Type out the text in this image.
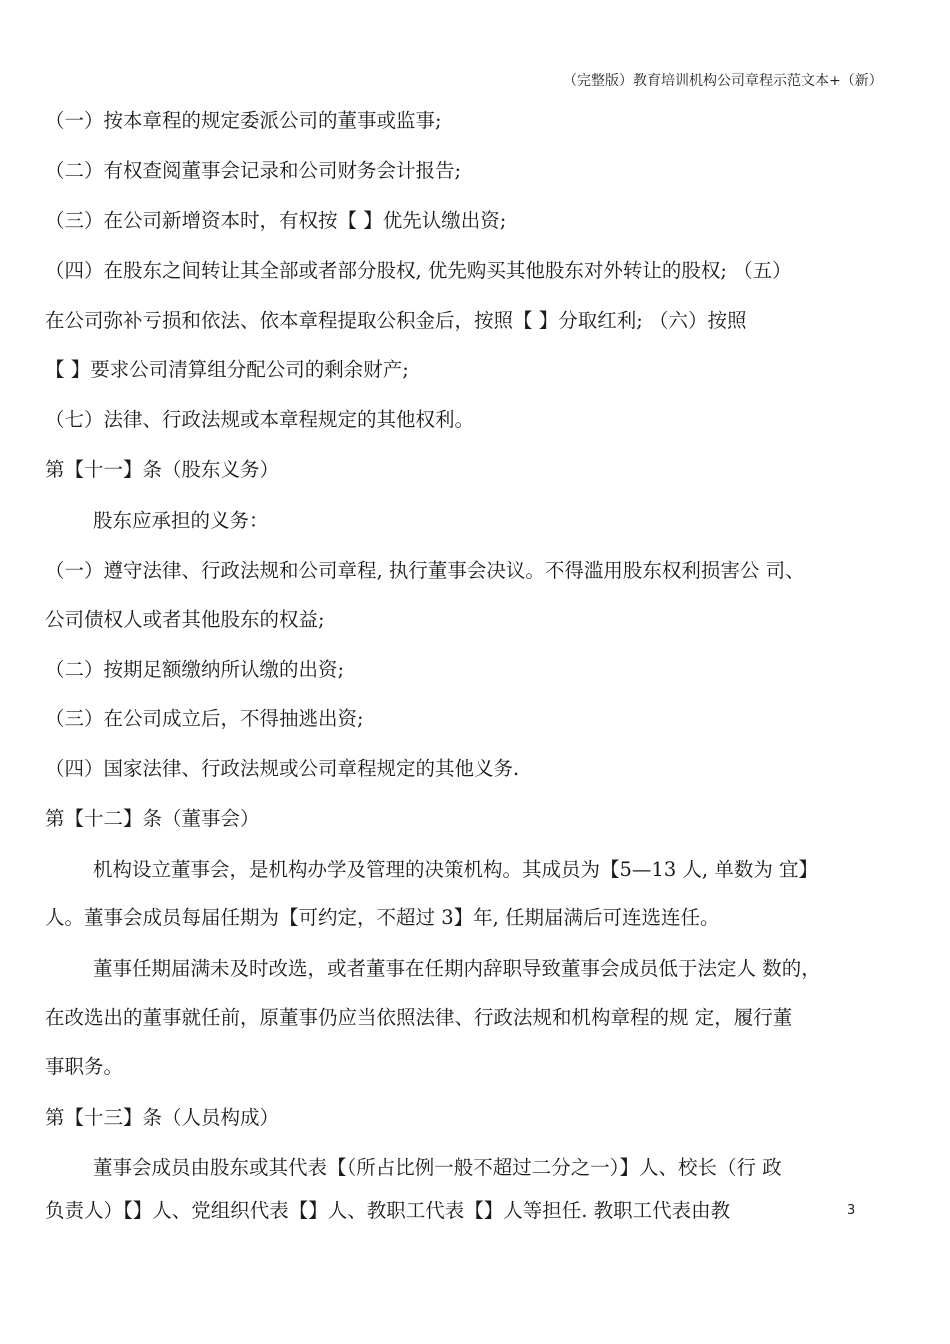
（完整版）教育培训机构公司章程示范文本+（新）
（一）按本章程的规定委派公司的董事或监事;
（二）有权查阅董事会记录和公司财务会计报告;
（三）在公司新增资本时，有权按【 】优先认缴出资;
（四）在股东之间转让其全部或者部分股权, 优先购买其他股东对外转让的股权; （五）
在公司弥补亏损和依法、依本章程提取公积金后，按照【 】分取红利; （六）按照
【 】要求公司清算组分配公司的剩余财产;
（七）法律、行政法规或本章程规定的其他权利。
第【十一】条（股东义务）
股东应承担的义务：
（一）遵守法律、行政法规和公司章程, 执行董事会决议。不得滥用股东权利损害公 司、
公司债权人或者其他股东的权益;
（二）按期足额缴纳所认缴的出资;
（三）在公司成立后，不得抽逃出资;
（四）国家法律、行政法规或公司章程规定的其他义务.
第【十二】条（董事会）
机构设立董事会，是机构办学及管理的决策机构。其成员为【5—13 人, 单数为 宜】
人。董事会成员每届任期为【可约定，不超过 3】年, 任期届满后可连选连任。
董事任期届满未及时改选，或者董事在任期内辞职导致董事会成员低于法定人 数的，
在改选出的董事就任前，原董事仍应当依照法律、行政法规和机构章程的规 定，履行董
事职务。
第【十三】条（人员构成）
董事会成员由股东或其代表【（所占比例一般不超过二分之一）】人、校长（行 政
负责人）【】人、党组织代表【】人、教职工代表【】人等担任. 教职工代表由教	3
